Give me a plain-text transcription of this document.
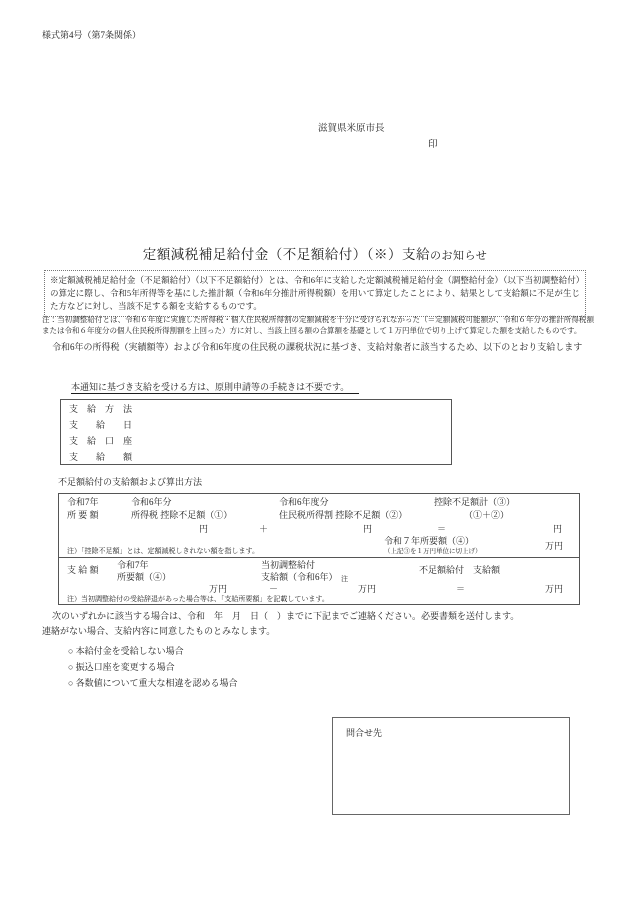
様式第4号（第7条関係）
滋賀県米原市長
印
定額減税補足給付金（不足額給付）（※）支給のお知らせ
※定額減税補足給付金（不足額給付）（以下不足額給付）とは、令和6年に支給した定額減税補足給付金（調整給付金）（以下当初調整給付）の算定に際し、令和5年所得等を基にした推計額（令和6年分推計所得税額）を用いて算定したことにより、結果として支給額に不足が生じた方などに対し、当該不足する額を支給するものです。
注：当初調整給付とは、令和６年度に実施した所得税・個人住民税所得割の定額減税を十分に受けられなかった（＝定額減税可能額が、令和６年分の推計所得税額または令和６年度分の個人住民税所得割額を上回った）方に対し、当該上回る額の合算額を基礎として１万円単位で切り上げて算定した額を支給したものです。
令和6年の所得税（実績額等）および令和6年度の住民税の課税状況に基づき、支給対象者に該当するため、以下のとおり支給します

本通知に基づき支給を受ける方は、原則申請等の手続きは不要です。

支　給　方　法
支　　給　　日
支　給　口　座
支　　給　　額
不足額給付の支給額および算出方法
令和7年
所 要 額
令和6年分
所得税 控除不足額（①）
令和6年度分
住民税所得割 控除不足額（②）
控除不足額計（③）
（①＋②）
円	＋	円	＝	円
令和７年所要額（④）
（上記③を１万円単位に切上げ）
万円
注）「控除不足額」とは、定額減税しきれない額を指します。
支 給 額 令和7年
所要額（④）
当初調整給付
支給額（令和6年） 注
不足額給付　支給額
万円	－	万円	＝	万円
注）当初調整給付の受給辞退があった場合等は、「支給所要額」を記載しています。
次のいずれかに該当する場合は、令和　年　月　日（　）までに下記までご連絡ください。必要書類を送付します。
連絡がない場合、支給内容に同意したものとみなします。
○ 本給付金を受給しない場合
○ 振込口座を変更する場合
○ 各数値について重大な相違を認める場合
問合せ先
